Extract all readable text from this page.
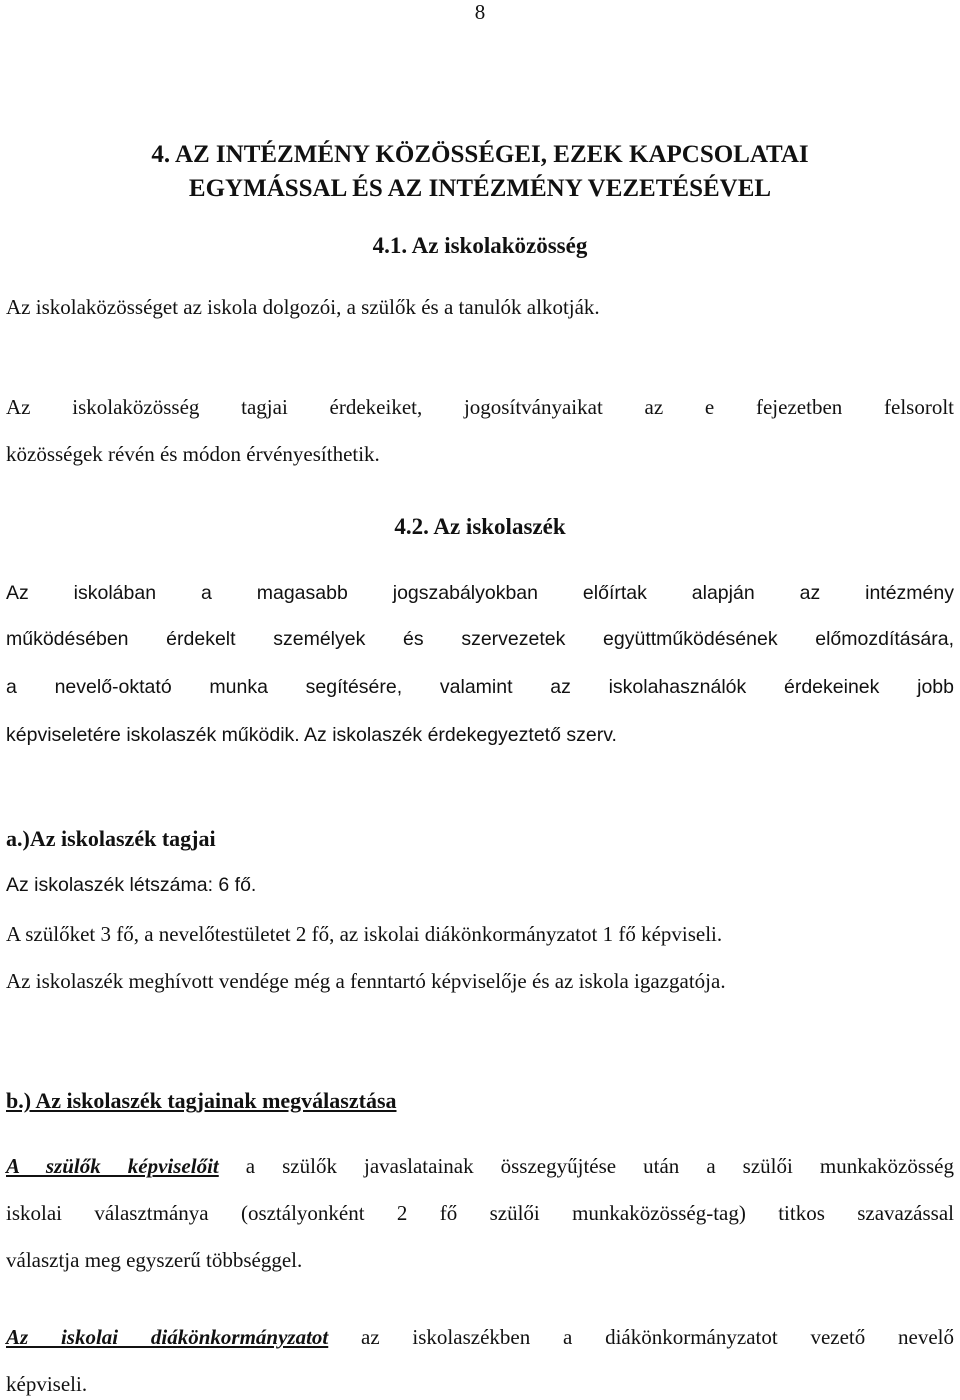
8
4. AZ INTÉZMÉNY KÖZÖSSÉGEI, EZEK KAPCSOLATAI
EGYMÁSSAL ÉS AZ INTÉZMÉNY VEZETÉSÉVEL
4.1. Az iskolaközösség
Az iskolaközösséget az iskola dolgozói, a szülők és a tanulók alkotják.
Az iskolaközösség tagjai érdekeiket, jogosítványaikat az e fejezetben felsorolt
közösségek révén és módon érvényesíthetik.
4.2. Az iskolaszék
Az iskolában a magasabb jogszabályokban előírtak alapján az intézmény
működésében érdekelt személyek és szervezetek együttműködésének előmozdítására,
a nevelő-oktató munka segítésére, valamint az iskolahasználók érdekeinek jobb
képviseletére iskolaszék működik. Az iskolaszék érdekegyeztető szerv.
a.)Az iskolaszék tagjai
Az iskolaszék létszáma: 6 fő.
A szülőket 3 fő, a nevelőtestületet 2 fő, az iskolai diákönkormányzatot 1 fő képviseli.
Az iskolaszék meghívott vendége még a fenntartó képviselője és az iskola igazgatója.
b.) Az iskolaszék tagjainak megválasztása
A szülők képviselőit a szülők javaslatainak összegyűjtése után a szülői munkaközösség
iskolai választmánya (osztályonként 2 fő szülői munkaközösség-tag) titkos szavazással
választja meg egyszerű többséggel.
Az iskolai diákönkormányzatot az iskolaszékben a diákönkormányzatot vezető nevelő
képviseli.
